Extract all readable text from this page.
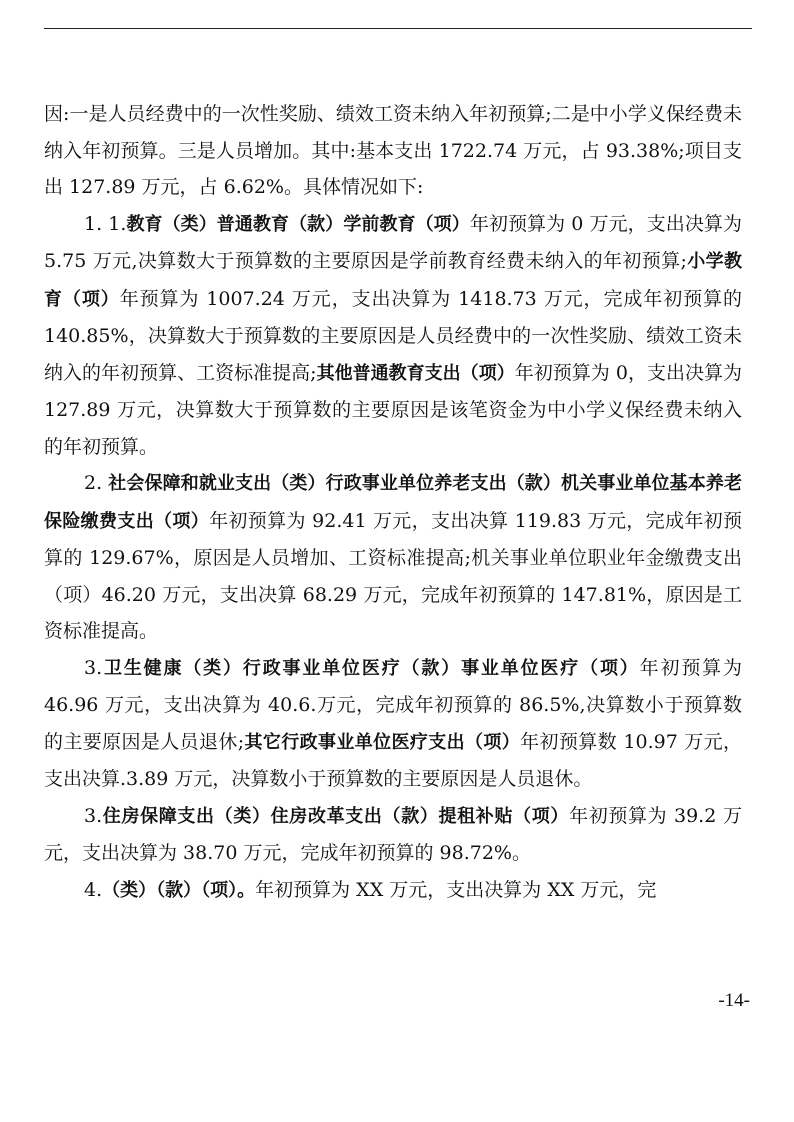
因:一是人员经费中的一次性奖励、绩效工资未纳入年初预算;二是中小学义保经费未纳入年初预算。三是人员增加。其中:基本支出 1722.74 万元，占 93.38%;项目支出 127.89 万元，占 6.62%。具体情况如下:

1. 1.教育（类）普通教育（款）学前教育（项）年初预算为 0 万元，支出决算为 5.75 万元,决算数大于预算数的主要原因是学前教育经费未纳入的年初预算;小学教育（项）年预算为 1007.24 万元，支出决算为 1418.73 万元，完成年初预算的 140.85%，决算数大于预算数的主要原因是人员经费中的一次性奖励、绩效工资未纳入的年初预算、工资标准提高;其他普通教育支出（项）年初预算为 0，支出决算为 127.89 万元，决算数大于预算数的主要原因是该笔资金为中小学义保经费未纳入的年初预算。

2. 社会保障和就业支出（类）行政事业单位养老支出（款）机关事业单位基本养老保险缴费支出（项）年初预算为 92.41 万元，支出决算 119.83 万元，完成年初预算的 129.67%，原因是人员增加、工资标准提高;机关事业单位职业年金缴费支出（项）46.20 万元，支出决算 68.29 万元，完成年初预算的 147.81%，原因是工资标准提高。

3.卫生健康（类）行政事业单位医疗（款）事业单位医疗（项）年初预算为 46.96 万元，支出决算为 40.6.万元，完成年初预算的 86.5%,决算数小于预算数的主要原因是人员退休;其它行政事业单位医疗支出（项）年初预算数 10.97 万元，支出决算.3.89 万元，决算数小于预算数的主要原因是人员退休。

3.住房保障支出（类）住房改革支出（款）提租补贴（项）年初预算为 39.2 万元，支出决算为 38.70 万元，完成年初预算的 98.72%。

4.（类）（款）（项）。年初预算为 XX 万元，支出决算为 XX 万元，完

-14-
